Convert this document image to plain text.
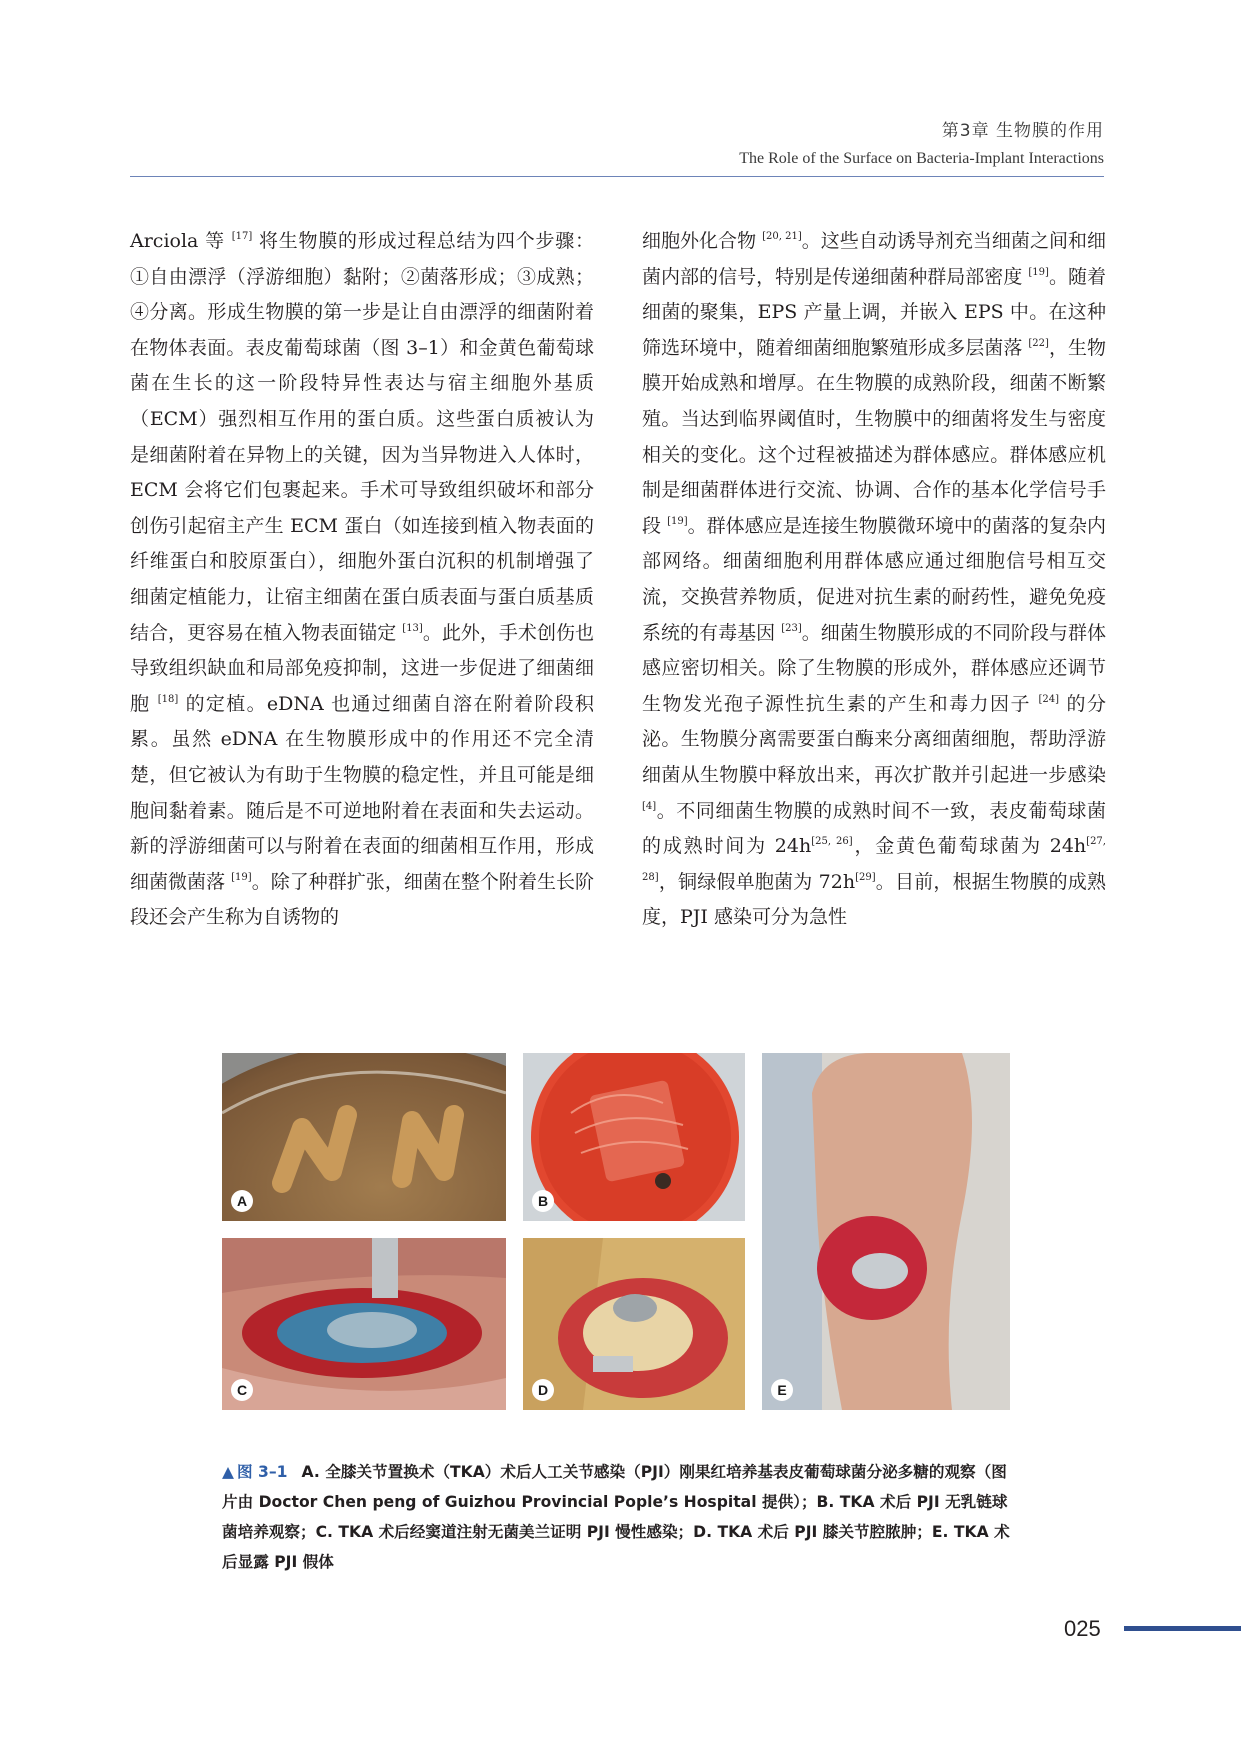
第3章 生物膜的作用
The Role of the Surface on Bacteria-Implant Interactions

Arciola 等 [17] 将生物膜的形成过程总结为四个步骤：①自由漂浮（浮游细胞）黏附；②菌落形成；③成熟；④分离。形成生物膜的第一步是让自由漂浮的细菌附着在物体表面。表皮葡萄球菌（图 3–1）和金黄色葡萄球菌在生长的这一阶段特异性表达与宿主细胞外基质（ECM）强烈相互作用的蛋白质。这些蛋白质被认为是细菌附着在异物上的关键，因为当异物进入人体时，ECM 会将它们包裹起来。手术可导致组织破坏和部分创伤引起宿主产生 ECM 蛋白（如连接到植入物表面的纤维蛋白和胶原蛋白），细胞外蛋白沉积的机制增强了细菌定植能力，让宿主细菌在蛋白质表面与蛋白质基质结合，更容易在植入物表面锚定 [13]。此外，手术创伤也导致组织缺血和局部免疫抑制，这进一步促进了细菌细胞 [18] 的定植。eDNA 也通过细菌自溶在附着阶段积累。虽然 eDNA 在生物膜形成中的作用还不完全清楚，但它被认为有助于生物膜的稳定性，并且可能是细胞间黏着素。随后是不可逆地附着在表面和失去运动。新的浮游细菌可以与附着在表面的细菌相互作用，形成细菌微菌落 [19]。除了种群扩张，细菌在整个附着生长阶段还会产生称为自诱物的

细胞外化合物 [20, 21]。这些自动诱导剂充当细菌之间和细菌内部的信号，特别是传递细菌种群局部密度 [19]。随着细菌的聚集，EPS 产量上调，并嵌入 EPS 中。在这种筛选环境中，随着细菌细胞繁殖形成多层菌落 [22]，生物膜开始成熟和增厚。在生物膜的成熟阶段，细菌不断繁殖。当达到临界阈值时，生物膜中的细菌将发生与密度相关的变化。这个过程被描述为群体感应。群体感应机制是细菌群体进行交流、协调、合作的基本化学信号手段 [19]。群体感应是连接生物膜微环境中的菌落的复杂内部网络。细菌细胞利用群体感应通过细胞信号相互交流，交换营养物质，促进对抗生素的耐药性，避免免疫系统的有毒基因 [23]。细菌生物膜形成的不同阶段与群体感应密切相关。除了生物膜的形成外，群体感应还调节生物发光孢子源性抗生素的产生和毒力因子 [24] 的分泌。生物膜分离需要蛋白酶来分离细菌细胞，帮助浮游细菌从生物膜中释放出来，再次扩散并引起进一步感染 [4]。不同细菌生物膜的成熟时间不一致，表皮葡萄球菌的成熟时间为 24h[25, 26]，金黄色葡萄球菌为 24h[27, 28]，铜绿假单胞菌为 72h[29]。目前，根据生物膜的成熟度，PJI 感染可分为急性

A	B
C	D	E
▲ 图 3–1 A. 全膝关节置换术（TKA）术后人工关节感染（PJI）刚果红培养基表皮葡萄球菌分泌多糖的观察（图片由 Doctor Chen peng of Guizhou Provincial Pople’s Hospital 提供）；B. TKA 术后 PJI 无乳链球菌培养观察；C. TKA 术后经窦道注射无菌美兰证明 PJI 慢性感染；D. TKA 术后 PJI 膝关节腔脓肿；E. TKA 术后显露 PJI 假体
025
